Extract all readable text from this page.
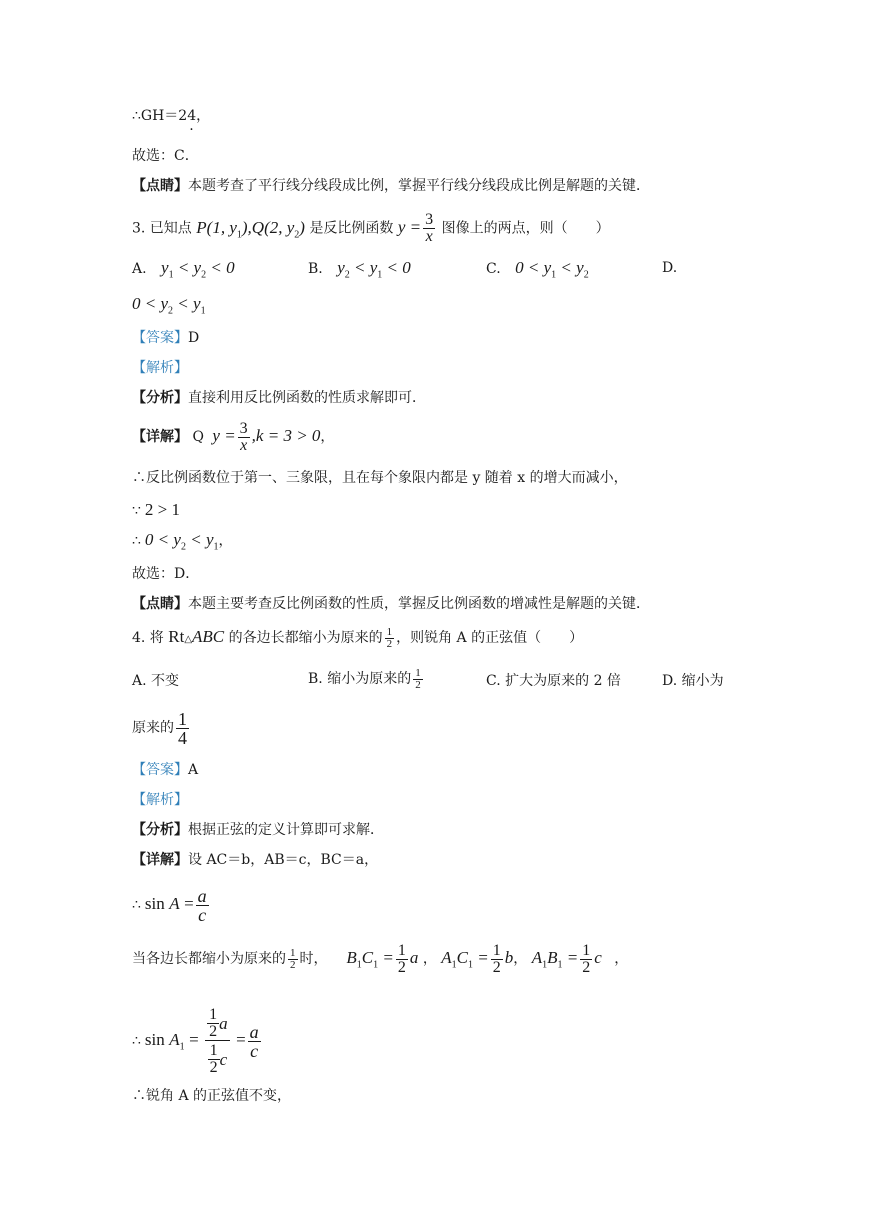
∴GH＝24 .，
故选：C．
【点睛】本题考查了平行线分线段成比例，掌握平行线分线段成比例是解题的关键．
3. 已知点 P(1, $y_1),Q(2$, $y_2$) 是反比例函数 $y = \frac{3}{x}$ 图像上的两点，则（　　）
A. $y_1 < y_2 < 0$	B. $y_2 < y_1 < 0$	C. $0 < y_1 < y_2$	D.
$0 < y_2 < y_1$
【答案】D
【解析】
【分析】直接利用反比例函数的性质求解即可．
【详解】 Q $y = \frac{3}{x} ,k = 3 > 0$，
∴反比例函数位于第一、三象限，且在每个象限内都是 y 随着 x 的增大而减小，
∵ 2 > 1
∴ $0 < y_2 < y_1$，
故选：D．
【点睛】本题主要考查反比例函数的性质，掌握反比例函数的增减性是解题的关键．
4. 将 Rt△ABC 的各边长都缩小为原来的 $\frac{1}{2}$ ，则锐角 A 的正弦值（　　）
A. 不变	B. 缩小为原来的 $\frac{1}{2}$	C. 扩大为原来的 2 倍	D. 缩小为
原来的 $\frac{1}{4}$
【答案】A
【解析】
【分析】根据正弦的定义计算即可求解．
【详解】设 AC＝b，AB＝c，BC＝a，
∴ $\sin A = \frac{a}{c}$
当各边长都缩小为原来的 $\frac{1}{2}$ 时， $B_1C_1 = \frac{1}{2}$ a ， $A_1C_1 = \frac{1}{2}$ b， $A_1B_1 = \frac{1}{2}$ c ，
∴ $\sin A_1 = \frac{\frac{1}{2} a}{\frac{1}{2} c} = \frac{a}{c}$
∴锐角 A 的正弦值不变，
